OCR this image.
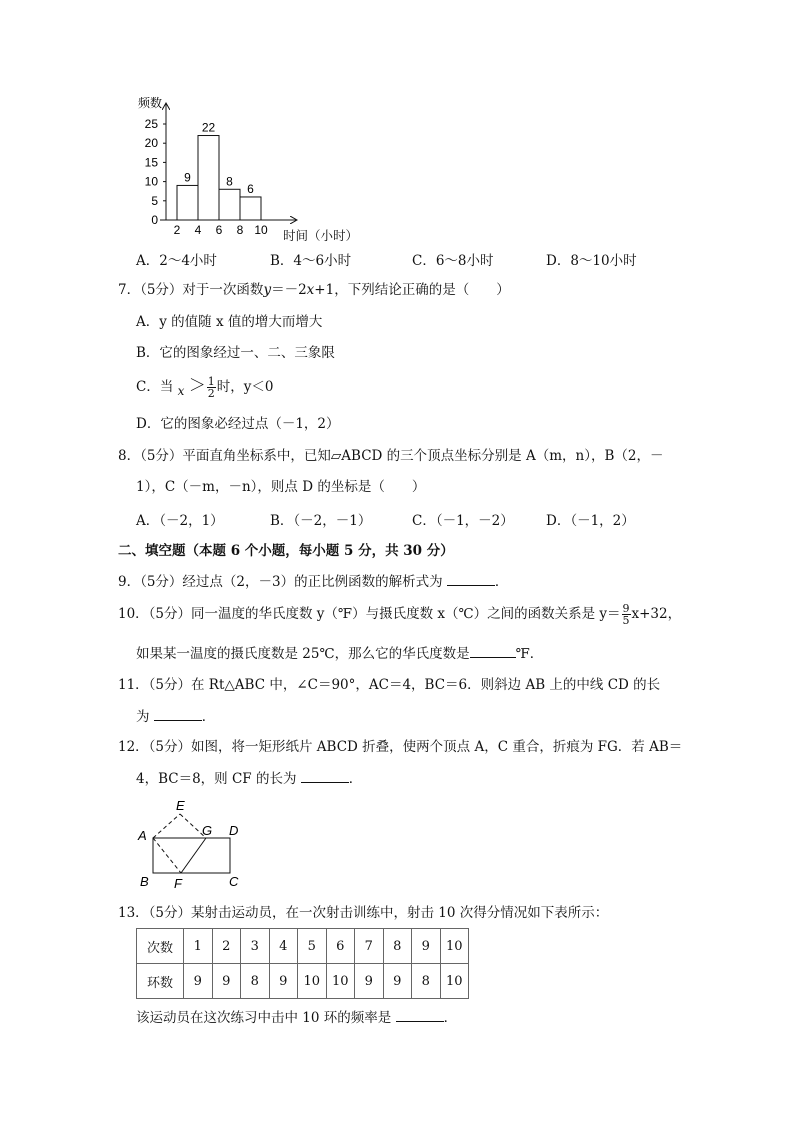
频数
0
5
10
15
20
25
2 4 6 8 10
9
22
8
6
时间（小时）
A．2～4小时	B．4～6小时	C．6～8小时	D．8～10小时
7．（5分）对于一次函数y＝－2x+1，下列结论正确的是（　　）
A．y 的值随 x 值的增大而增大
B．它的图象经过一、二、三象限
C．当 $x > \frac{1}{2}$ 时，y＜0
D．它的图象必经过点（－1，2）
8．（5分）平面直角坐标系中，已知▱ABCD 的三个顶点坐标分别是 A（m，n），B（2，－
1），C（－m，－n），则点 D 的坐标是（　　）
A．（－2，1）	B．（－2，－1）	C．（－1，－2） D．（－1，2）
二、填空题（本题 6 个小题，每小题 5 分，共 30 分）
9．（5分）经过点（2，－3）的正比例函数的解析式为	．
10．（5分）同一温度的华氏度数 y（℉）与摄氏度数 x（℃）之间的函数关系是 $y= \frac{9}{5} x+32$，
如果某一温度的摄氏度数是 25℃，那么它的华氏度数是	℉．
11．（5分）在 Rt△ABC 中，∠C＝90°，AC＝4，BC＝6．则斜边 AB 上的中线 CD 的长
为	．
12．（5分）如图，将一矩形纸片 ABCD 折叠，使两个顶点 A，C 重合，折痕为 FG．若 AB＝
4，BC＝8，则 CF 的长为	．
E
A	G D
B F	C
13．（5分）某射击运动员，在一次射击训练中，射击 10 次得分情况如下表所示：
次数	1	2	3	4	5	6	7	8	9	10
环数	9	9	8	9	10	10	9	9	8	10
该运动员在这次练习中击中 10 环的频率是	．
